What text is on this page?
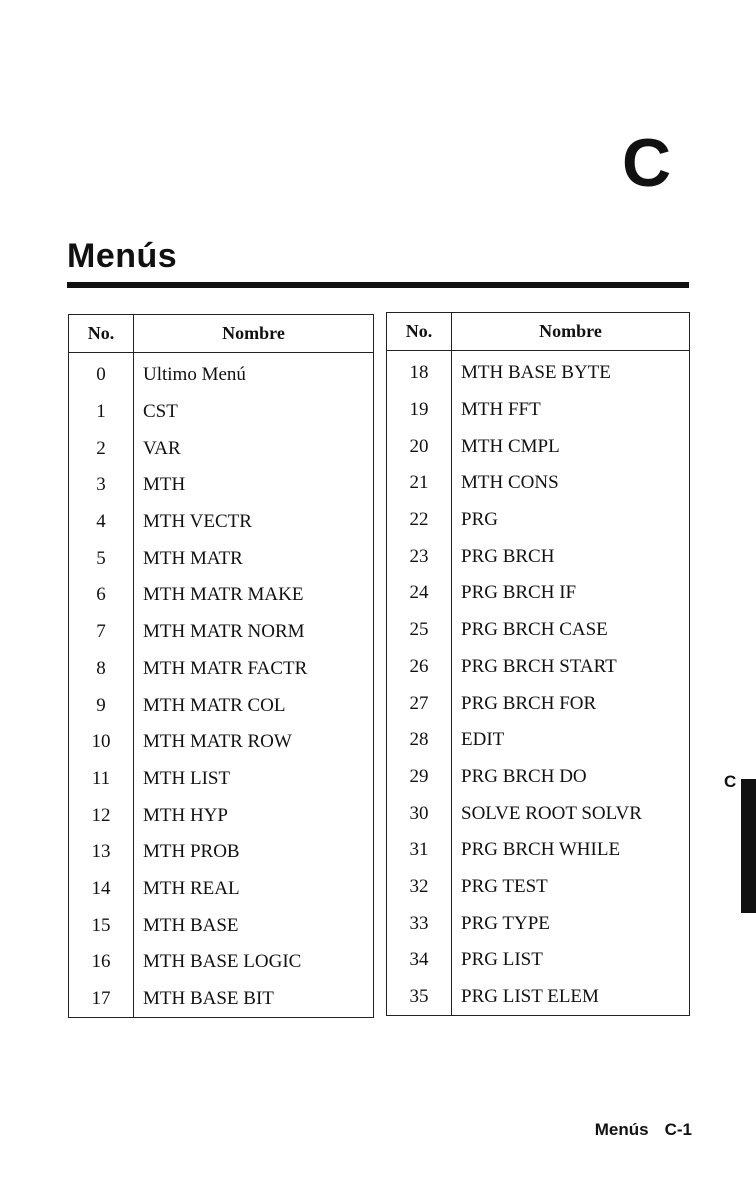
C
Menús
No.	Nombre
0	Ultimo Menú
1	CST
2	VAR
3	MTH
4	MTH VECTR
5	MTH MATR
6	MTH MATR MAKE
7	MTH MATR NORM
8	MTH MATR FACTR
9	MTH MATR COL
10	MTH MATR ROW
11	MTH LIST
12	MTH HYP
13	MTH PROB
14	MTH REAL
15	MTH BASE
16	MTH BASE LOGIC
17	MTH BASE BIT
No.	Nombre
18	MTH BASE BYTE
19	MTH FFT
20	MTH CMPL
21	MTH CONS
22	PRG
23	PRG BRCH
24	PRG BRCH IF
25	PRG BRCH CASE
26	PRG BRCH START
27	PRG BRCH FOR
28	EDIT
29	PRG BRCH DO
30	SOLVE ROOT SOLVR
31	PRG BRCH WHILE
32	PRG TEST
33	PRG TYPE
34	PRG LIST
35	PRG LIST ELEM
C
Menús C-1
